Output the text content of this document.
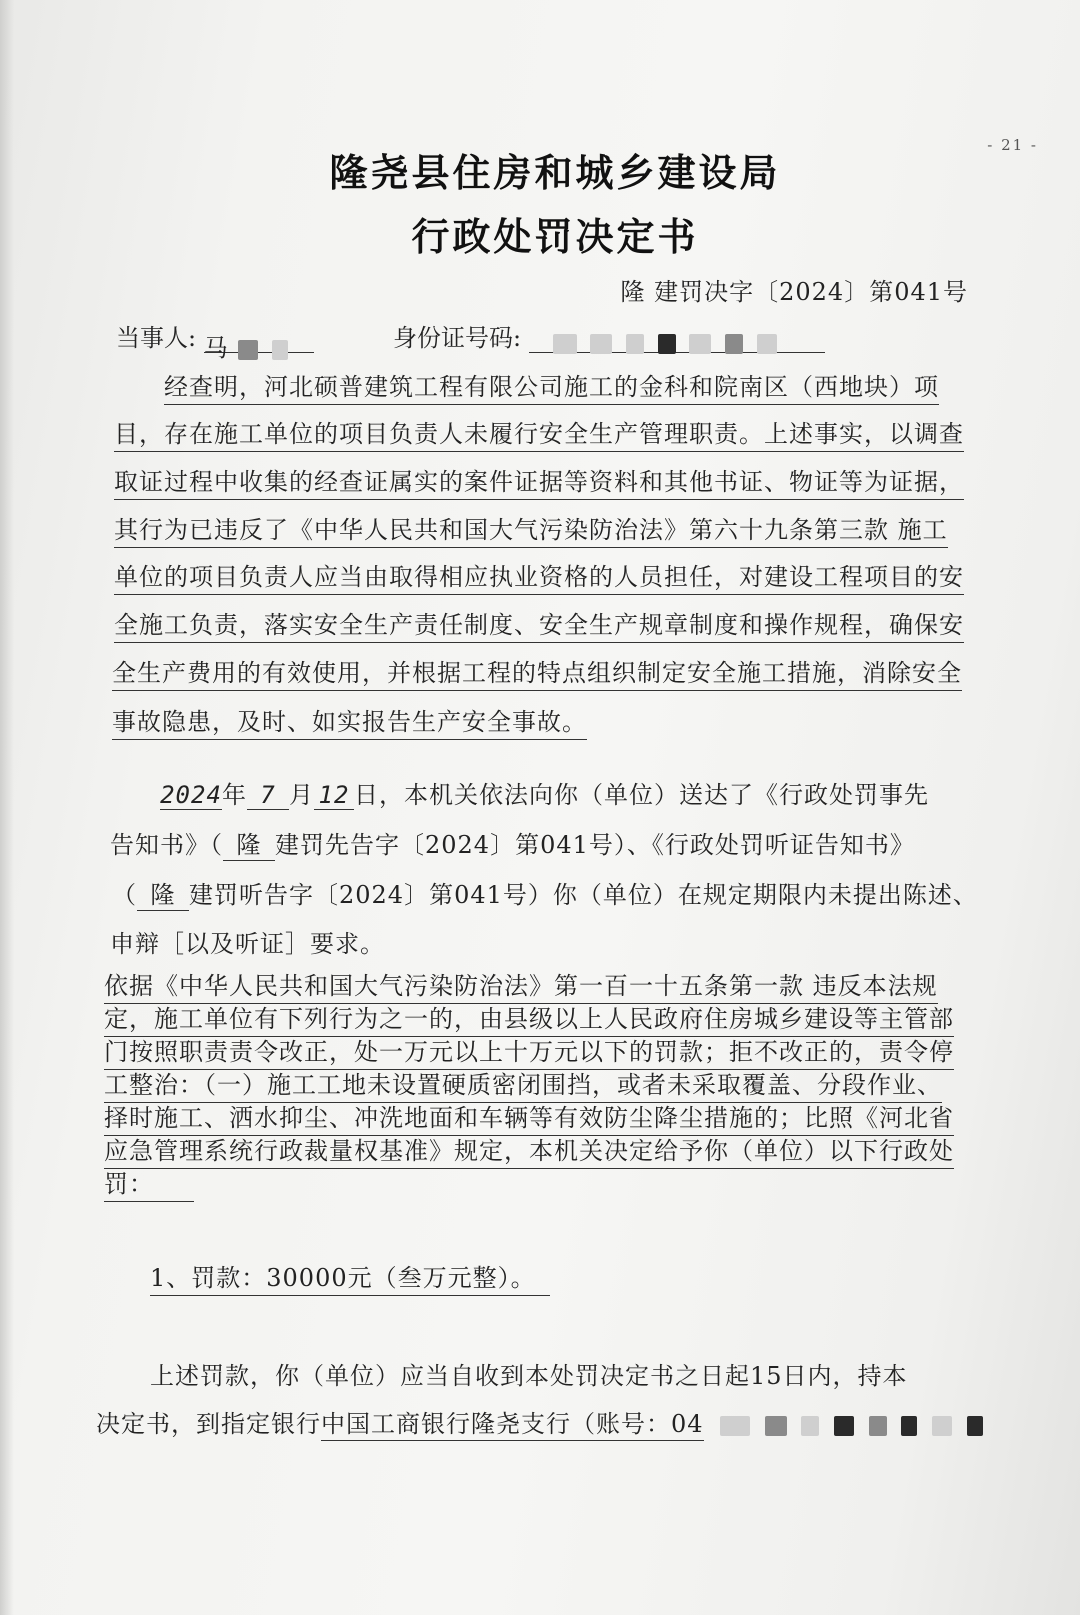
- 21 -
隆尧县住房和城乡建设局
行政处罚决定书
隆 建罚决字〔2024〕第041号
当事人: 马	身份证号码:
经查明，河北硕普建筑工程有限公司施工的金科和院南区（西地块）项
目，存在施工单位的项目负责人未履行安全生产管理职责。上述事实，以调查
取证过程中收集的经查证属实的案件证据等资料和其他书证、物证等为证据，
其行为已违反了《中华人民共和国大气污染防治法》第六十九条第三款 施工
单位的项目负责人应当由取得相应执业资格的人员担任，对建设工程项目的安
全施工负责，落实安全生产责任制度、安全生产规章制度和操作规程，确保安
全生产费用的有效使用，并根据工程的特点组织制定安全施工措施，消除安全
事故隐患，及时、如实报告生产安全事故。
2024年 7 月 12 日，本机关依法向你（单位）送达了《行政处罚事先
告知书》（ 隆 建罚先告字〔2024〕第041号）、《行政处罚听证告知书》
（ 隆 建罚听告字〔2024〕第041号）你（单位）在规定期限内未提出陈述、
申辩［以及听证］要求。
依据《中华人民共和国大气污染防治法》第一百一十五条第一款 违反本法规
定，施工单位有下列行为之一的，由县级以上人民政府住房城乡建设等主管部
门按照职责责令改正，处一万元以上十万元以下的罚款；拒不改正的，责令停
工整治：（一）施工工地未设置硬质密闭围挡，或者未采取覆盖、分段作业、
择时施工、洒水抑尘、冲洗地面和车辆等有效防尘降尘措施的；比照《河北省
应急管理系统行政裁量权基准》规定，本机关决定给予你（单位）以下行政处
罚：
1、罚款：30000元（叁万元整）。
上述罚款，你（单位）应当自收到本处罚决定书之日起15日内，持本
决定书，到指定银行中国工商银行隆尧支行（账号：04
